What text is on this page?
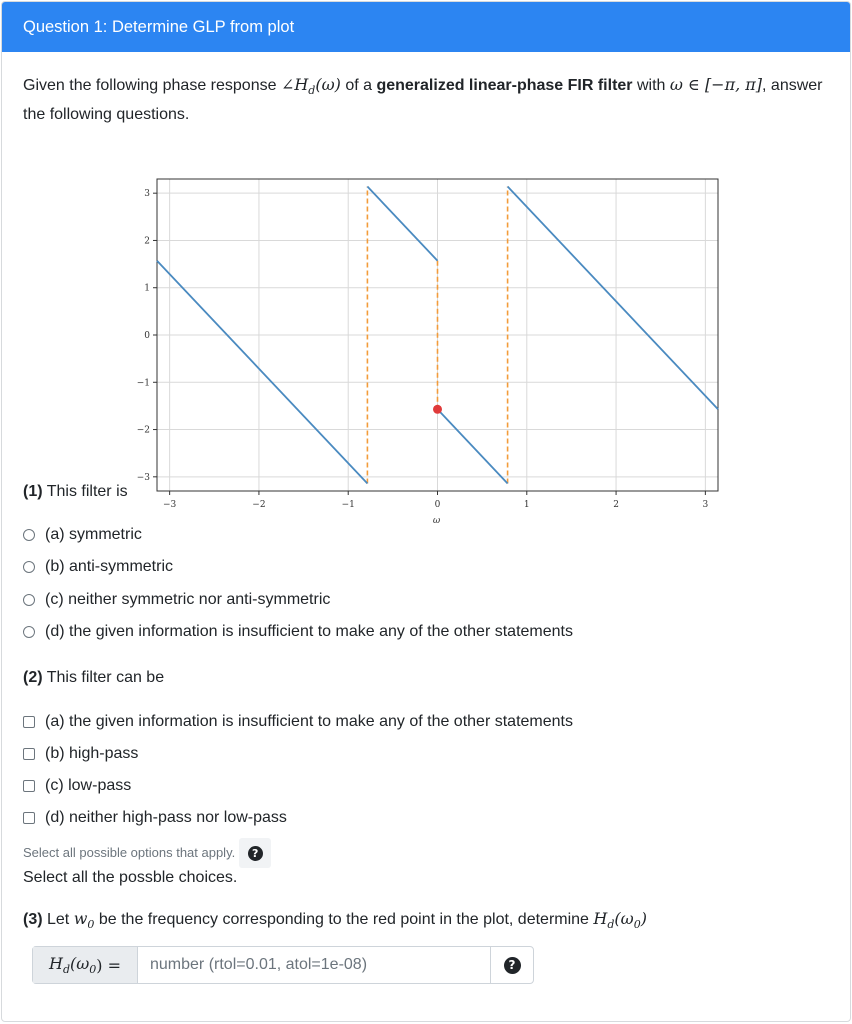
Question 1: Determine GLP from plot
Given the following phase response $\angle H_d(\omega)$ of a generalized linear-phase FIR filter with ω ∈ [−π, π], answer the following questions.
−3	−2	−1	0	1	2	3
3
2
1
0
−1
−2
−3
ω
(1) This filter is
(a) symmetric
(b) anti-symmetric
(c) neither symmetric nor anti-symmetric
(d) the given information is insufficient to make any of the other statements
(2) This filter can be
(a) the given information is insufficient to make any of the other statements
(b) high-pass
(c) low-pass
(d) neither high-pass nor low-pass
Select all possible options that apply.	?
Select all the possble choices.
(3) Let $w_0$ be the frequency corresponding to the red point in the plot, determine $H_d(\omega_0)$
$H_d(\omega_0$ ) =
number (rtol=0.01, atol=1e-08)	?
